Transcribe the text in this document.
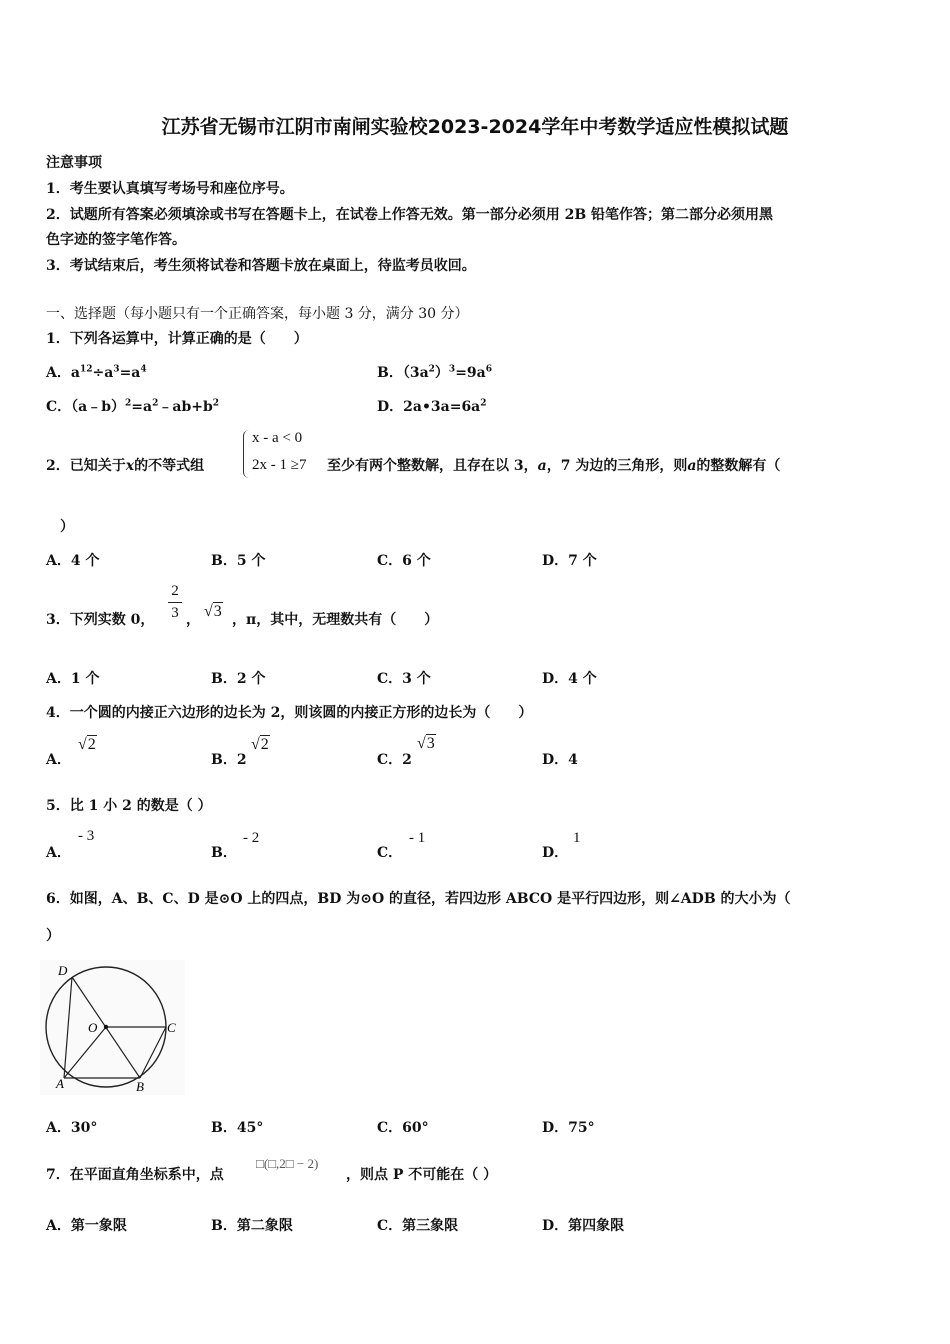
江苏省无锡市江阴市南闸实验校2023-2024学年中考数学适应性模拟试题
注意事项
1．考生要认真填写考场号和座位序号。
2．试题所有答案必须填涂或书写在答题卡上，在试卷上作答无效。第一部分必须用 2B 铅笔作答；第二部分必须用黑
色字迹的签字笔作答。
3．考试结束后，考生须将试卷和答题卡放在桌面上，待监考员收回。
一、选择题（每小题只有一个正确答案，每小题 3 分，满分 30 分）
1．下列各运算中，计算正确的是（　　）
A．$a^{12}\div a^3=a^4$	B．$(3a^2)^3=9a^6$
C．$(a﹣b)^2=a^2﹣ab+b^2$	D．$2a•3a=6a^2$
2．已知关于x的不等式组
x - a < 0
2x - 1 ≥7 至少有两个整数解，且存在以 3，a，7 为边的三角形，则a的整数解有（
）
A．4 个	B．5 个	C．6 个	D．7 个
3．下列实数 0，
2
3 ， √3 ，π，其中，无理数共有（　　）
A．1 个	B．2 个	C．3 个	D．4 个
4．一个圆的内接正六边形的边长为 2，则该圆的内接正方形的边长为（　　）
A．
√2
B．2
√2
C．2
√3
D．4
5．比 1 小 2 的数是（ ）
A．
- 3
B．
- 2
C．
- 1
D．
1
6．如图，A、B、C、D 是⊙O 上的四点，BD 为⊙O 的直径，若四边形 ABCO 是平行四边形，则∠ADB 的大小为（
）
D
O	C
A	B
A．30°	B．45°	C．60°	D．75°
7．在平面直角坐标系中，点
□(□,2□ − 2)
，则点 P 不可能在（ ）
A．第一象限	B．第二象限	C．第三象限	D．第四象限
